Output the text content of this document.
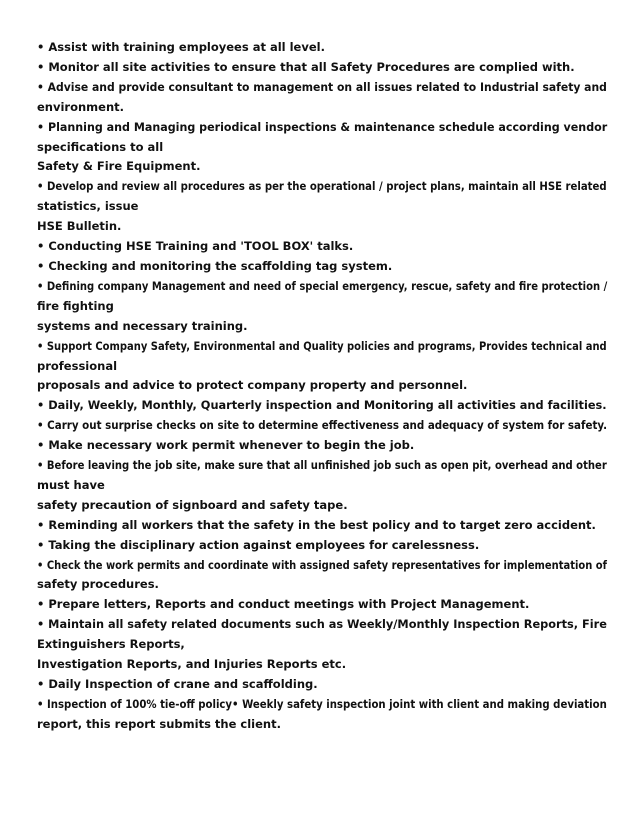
• Assist with training employees at all level.

• Monitor all site activities to ensure that all Safety Procedures are complied with.

• Advise and provide consultant to management on all issues related to Industrial safety and

environment.

• Planning and Managing periodical inspections & maintenance schedule according vendor

specifications to all

Safety & Fire Equipment.

• Develop and review all procedures as per the operational / project plans, maintain all HSE related

statistics, issue

HSE Bulletin.

• Conducting HSE Training and 'TOOL BOX' talks.

• Checking and monitoring the scaffolding tag system.

• Defining company Management and need of special emergency, rescue, safety and fire protection /

fire fighting

systems and necessary training.

• Support Company Safety, Environmental and Quality policies and programs, Provides technical and

professional

proposals and advice to protect company property and personnel.

• Daily, Weekly, Monthly, Quarterly inspection and Monitoring all activities and facilities.

• Carry out surprise checks on site to determine effectiveness and adequacy of system for safety.

• Make necessary work permit whenever to begin the job.

• Before leaving the job site, make sure that all unfinished job such as open pit, overhead and other

must have

safety precaution of signboard and safety tape.

• Reminding all workers that the safety in the best policy and to target zero accident.

• Taking the disciplinary action against employees for carelessness.

• Check the work permits and coordinate with assigned safety representatives for implementation of

safety procedures.

• Prepare letters, Reports and conduct meetings with Project Management.

• Maintain all safety related documents such as Weekly/Monthly Inspection Reports, Fire

Extinguishers Reports,

Investigation Reports, and Injuries Reports etc.

• Daily Inspection of crane and scaffolding.

• Inspection of 100% tie-off policy• Weekly safety inspection joint with client and making deviation

report, this report submits the client.
